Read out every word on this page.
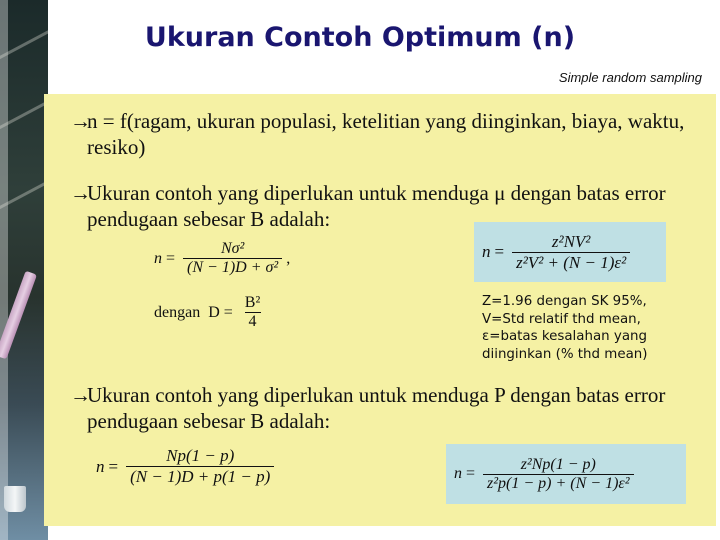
Ukuran Contoh Optimum (n)
Simple random sampling
→
n = f(ragam, ukuran populasi, ketelitian yang diinginkan, biaya, waktu, resiko)
→
Ukuran contoh yang diperlukan untuk menduga μ dengan batas error pendugaan sebesar B adalah:
$n = \frac{\text{Nσ²}}{\text{(N − 1)D + σ²}}$ ,
dengan $D = \frac{\text{B²}}{4}$
$n = \frac{\text{z²NV²}}{\text{z²V² + (N − 1)ε²}}$
Z=1.96 dengan SK 95%,
V=Std relatif thd mean,
ε=batas kesalahan yang
diinginkan (% thd mean)
→
Ukuran contoh yang diperlukan untuk menduga P dengan batas error pendugaan sebesar B adalah:
$n = \frac{Np(1 - p)}{(N - 1)D + p(1 - p)}$	$n = \frac{\text{z²Np(1 − p)}}{\text{z²p(1 − p) + (N − 1)ε²}}$
